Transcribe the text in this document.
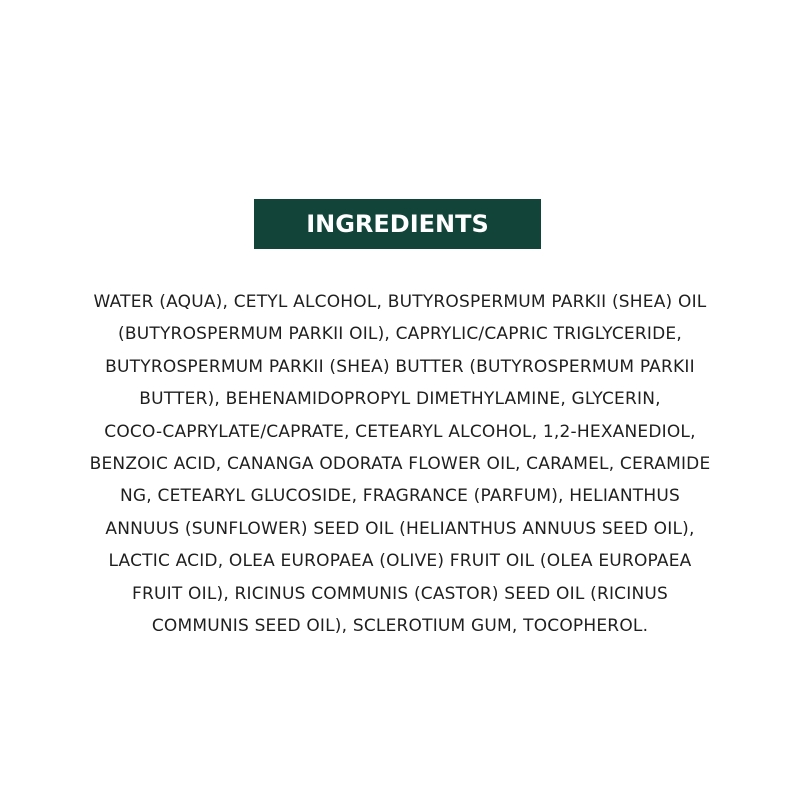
INGREDIENTS
WATER (AQUA), CETYL ALCOHOL, BUTYROSPERMUM PARKII (SHEA) OIL
(BUTYROSPERMUM PARKII OIL), CAPRYLIC/CAPRIC TRIGLYCERIDE,
BUTYROSPERMUM PARKII (SHEA) BUTTER (BUTYROSPERMUM PARKII
BUTTER), BEHENAMIDOPROPYL DIMETHYLAMINE, GLYCERIN,
COCO-CAPRYLATE/CAPRATE, CETEARYL ALCOHOL, 1,2-HEXANEDIOL,
BENZOIC ACID, CANANGA ODORATA FLOWER OIL, CARAMEL, CERAMIDE
NG, CETEARYL GLUCOSIDE, FRAGRANCE (PARFUM), HELIANTHUS
ANNUUS (SUNFLOWER) SEED OIL (HELIANTHUS ANNUUS SEED OIL),
LACTIC ACID, OLEA EUROPAEA (OLIVE) FRUIT OIL (OLEA EUROPAEA
FRUIT OIL), RICINUS COMMUNIS (CASTOR) SEED OIL (RICINUS
COMMUNIS SEED OIL), SCLEROTIUM GUM, TOCOPHEROL.
